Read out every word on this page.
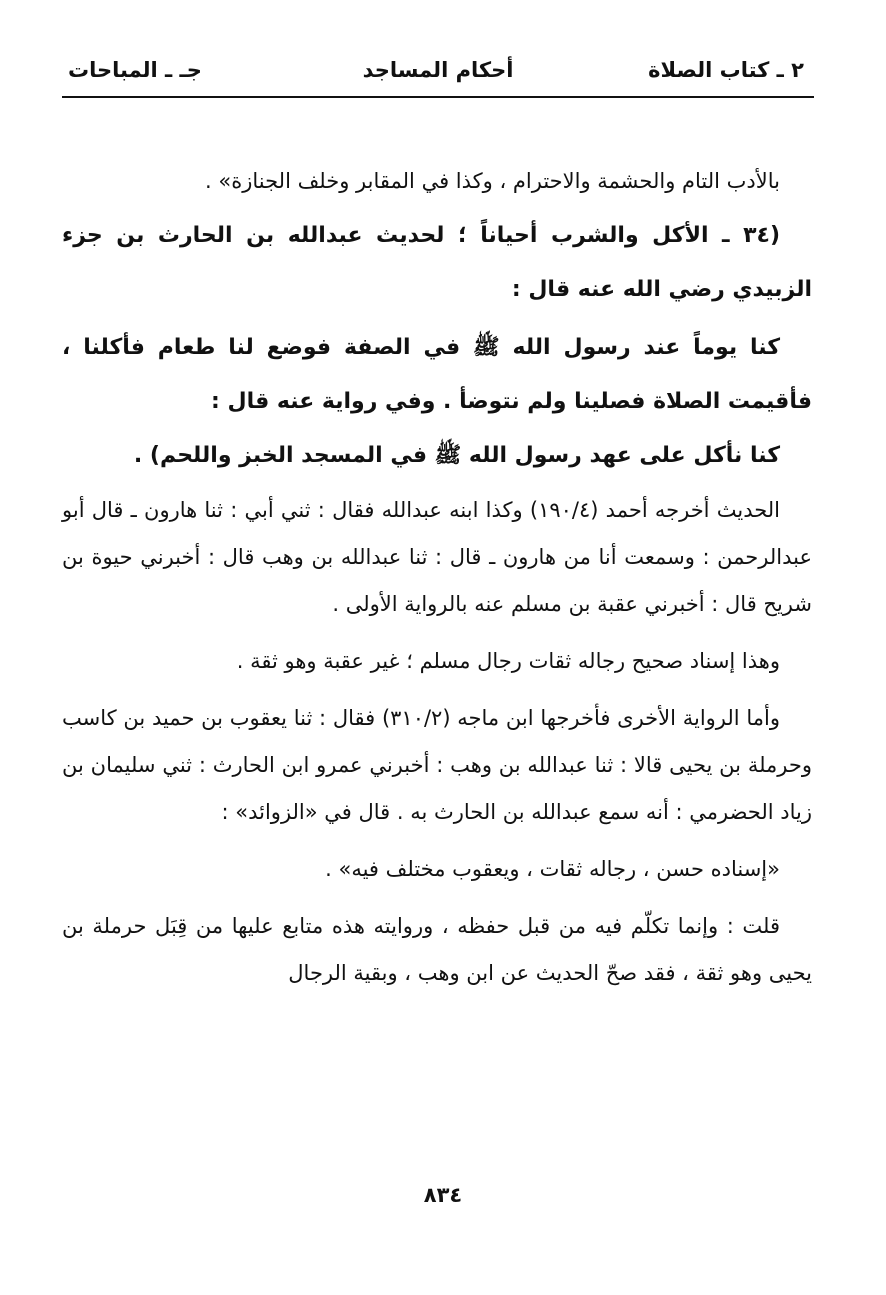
٢ ـ كتاب الصلاة
أحكام المساجد
جـ ـ المباحات

بالأدب التام والحشمة والاحترام ، وكذا في المقابر وخلف الجنازة» .

(٣٤ ـ الأكل والشرب أحياناً ؛ لحديث عبدالله بن الحارث بن جزء الزبيدي رضي الله عنه قال :

كنا يوماً عند رسول الله ﷺ في الصفة فوضع لنا طعام فأكلنا ، فأقيمت الصلاة فصلينا ولم نتوضأ . وفي رواية عنه قال :

كنا نأكل على عهد رسول الله ﷺ في المسجد الخبز واللحم) .

الحديث أخرجه أحمد (١٩٠/٤) وكذا ابنه عبدالله فقال : ثني أبي : ثنا هارون ـ قال أبو عبدالرحمن : وسمعت أنا من هارون ـ قال : ثنا عبدالله بن وهب قال : أخبرني حيوة بن شريح قال : أخبرني عقبة بن مسلم عنه بالرواية الأولى .

وهذا إسناد صحيح رجاله ثقات رجال مسلم ؛ غير عقبة وهو ثقة .

وأما الرواية الأخرى فأخرجها ابن ماجه (٣١٠/٢) فقال : ثنا يعقوب بن حميد بن كاسب وحرملة بن يحيى قالا : ثنا عبدالله بن وهب : أخبرني عمرو ابن الحارث : ثني سليمان بن زياد الحضرمي : أنه سمع عبدالله بن الحارث به . قال في «الزوائد» :

«إسناده حسن ، رجاله ثقات ، ويعقوب مختلف فيه» .

قلت : وإنما تكلّم فيه من قبل حفظه ، وروايته هذه متابع عليها من قِبَل حرملة بن يحيى وهو ثقة ، فقد صحّ الحديث عن ابن وهب ، وبقية الرجال

٨٣٤
